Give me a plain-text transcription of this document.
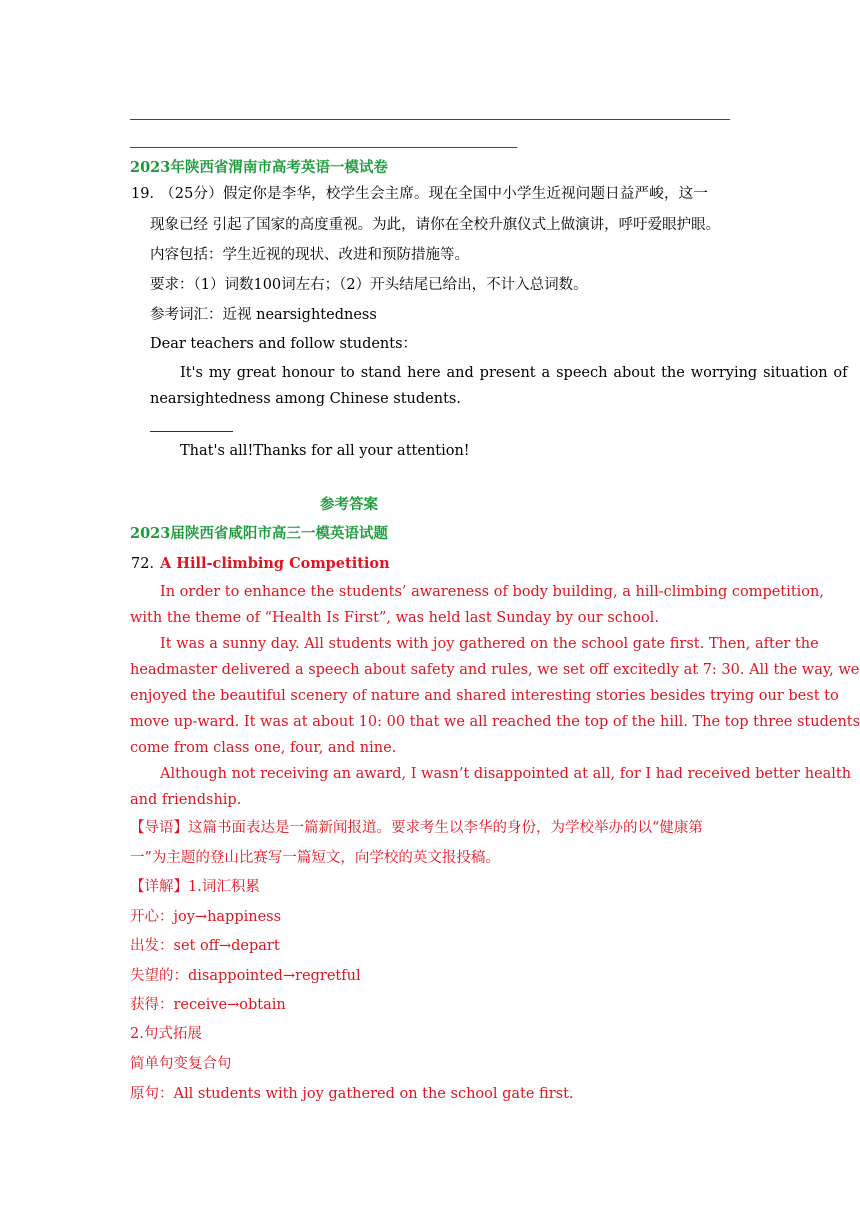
2023年陕西省渭南市高考英语一模试卷
19．
（25分）假定你是李华，校学生会主席。现在全国中小学生近视问题日益严峻，这一
现象已经 引起了国家的高度重视。为此，请你在全校升旗仪式上做演讲，呼吁爱眼护眼。
内容包括：学生近视的现状、改进和预防措施等。
要求：（1）词数100词左右；（2）开头结尾已给出，不计入总词数。
参考词汇：近视 nearsightedness
Dear teachers and follow students：
It's my great honour to stand here and present a speech about the worrying situation of
nearsightedness among Chinese students.
That's all!Thanks for all your attention!
参考答案
2023届陕西省咸阳市高三一模英语试题
72．
A Hill-climbing Competition
In order to enhance the students’ awareness of body building, a hill-climbing competition,
with the theme of “Health Is First”, was held last Sunday by our school.
It was a sunny day. All students with joy gathered on the school gate first. Then, after the
headmaster delivered a speech about safety and rules, we set off excitedly at 7: 30. All the way, we
enjoyed the beautiful scenery of nature and shared interesting stories besides trying our best to
move up-ward. It was at about 10: 00 that we all reached the top of the hill. The top three students
come from class one, four, and nine.
Although not receiving an award, I wasn’t disappointed at all, for I had received better health
and friendship.
【导语】这篇书面表达是一篇新闻报道。要求考生以李华的身份，为学校举办的以“健康第
一”为主题的登山比赛写一篇短文，向学校的英文报投稿。
【详解】1.词汇积累
开心：joy→happiness
出发：set off→depart
失望的：disappointed→regretful
获得：receive→obtain
2.句式拓展
简单句变复合句
原句：All students with joy gathered on the school gate first.
